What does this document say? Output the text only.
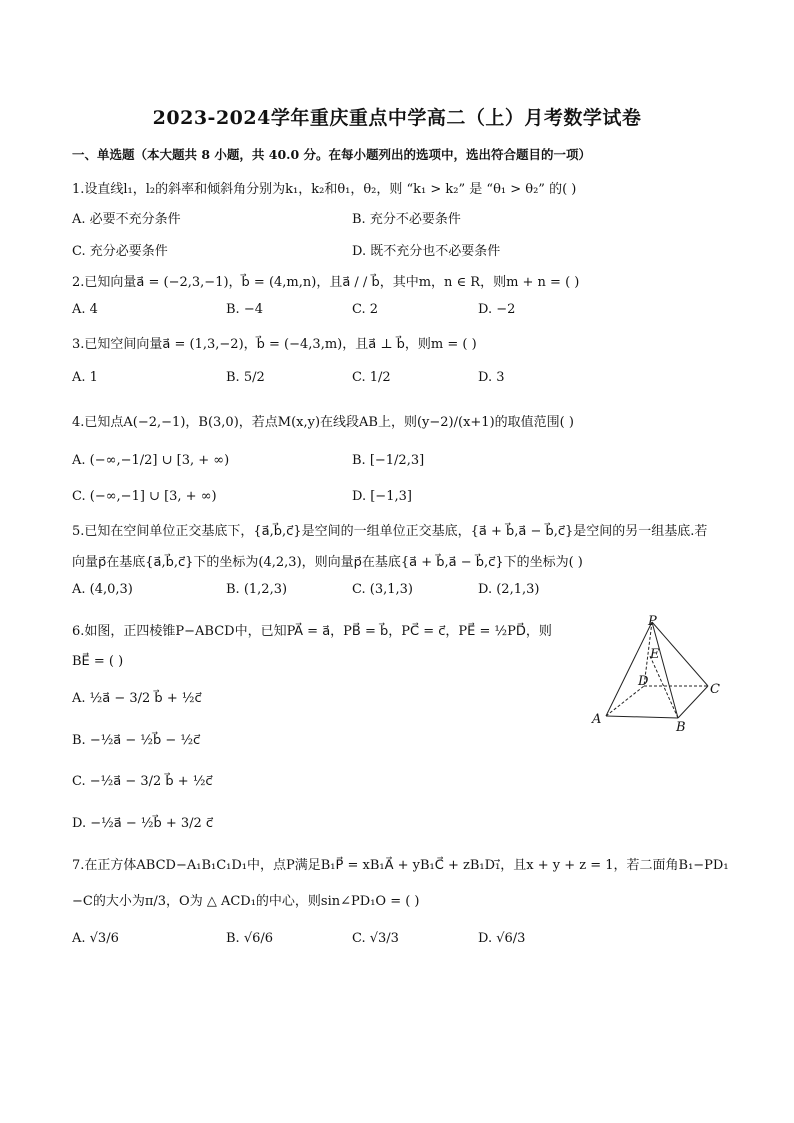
2023-2024学年重庆重点中学高二（上）月考数学试卷
一、单选题（本大题共 8 小题，共 40.0 分。在每小题列出的选项中，选出符合题目的一项）
1.设直线l₁，l₂的斜率和倾斜角分别为k₁，k₂和θ₁，θ₂，则 “k₁ > k₂” 是 “θ₁ > θ₂” 的( )
A. 必要不充分条件	B. 充分不必要条件
C. 充分必要条件	D. 既不充分也不必要条件
2.已知向量a⃗ = (−2,3,−1)，b⃗ = (4,m,n)，且a⃗ / / b⃗，其中m，n ∈ R，则m + n = ( )
A. 4	B. −4	C. 2	D. −2
3.已知空间向量a⃗ = (1,3,−2)，b⃗ = (−4,3,m)，且a⃗ ⊥ b⃗，则m = ( )
A. 1	B. 5/2	C. 1/2	D. 3
4.已知点A(−2,−1)，B(3,0)，若点M(x,y)在线段AB上，则(y−2)/(x+1)的取值范围( )
A. (−∞,−1/2] ∪ [3, + ∞)	B. [−1/2,3]
C. (−∞,−1] ∪ [3, + ∞)	D. [−1,3]
5.已知在空间单位正交基底下，{a⃗,b⃗,c⃗}是空间的一组单位正交基底，{a⃗ + b⃗,a⃗ − b⃗,c⃗}是空间的另一组基底.若
向量p⃗在基底{a⃗,b⃗,c⃗}下的坐标为(4,2,3)，则向量p⃗在基底{a⃗ + b⃗,a⃗ − b⃗,c⃗}下的坐标为( )
A. (4,0,3)	B. (1,2,3)	C. (3,1,3)	D. (2,1,3)
6.如图，正四棱锥P−ABCD中，已知PA⃗ = a⃗，PB⃗ = b⃗，PC⃗ = c⃗，PE⃗ = ½PD⃗，则
BE⃗ = ( )
A. ½a⃗ − 3/2 b⃗ + ½c⃗
B. −½a⃗ − ½b⃗ − ½c⃗
C. −½a⃗ − 3/2 b⃗ + ½c⃗
D. −½a⃗ − ½b⃗ + 3/2 c⃗
P
E
D
C
A
B
7.在正方体ABCD−A₁B₁C₁D₁中，点P满足B₁P⃗ = xB₁A⃗ + yB₁C⃗ + zB₁D₁⃗，且x + y + z = 1，若二面角B₁−PD₁
−C的大小为π/3，O为 △ ACD₁的中心，则sin∠PD₁O = ( )
A. √3/6	B. √6/6	C. √3/3	D. √6/3
